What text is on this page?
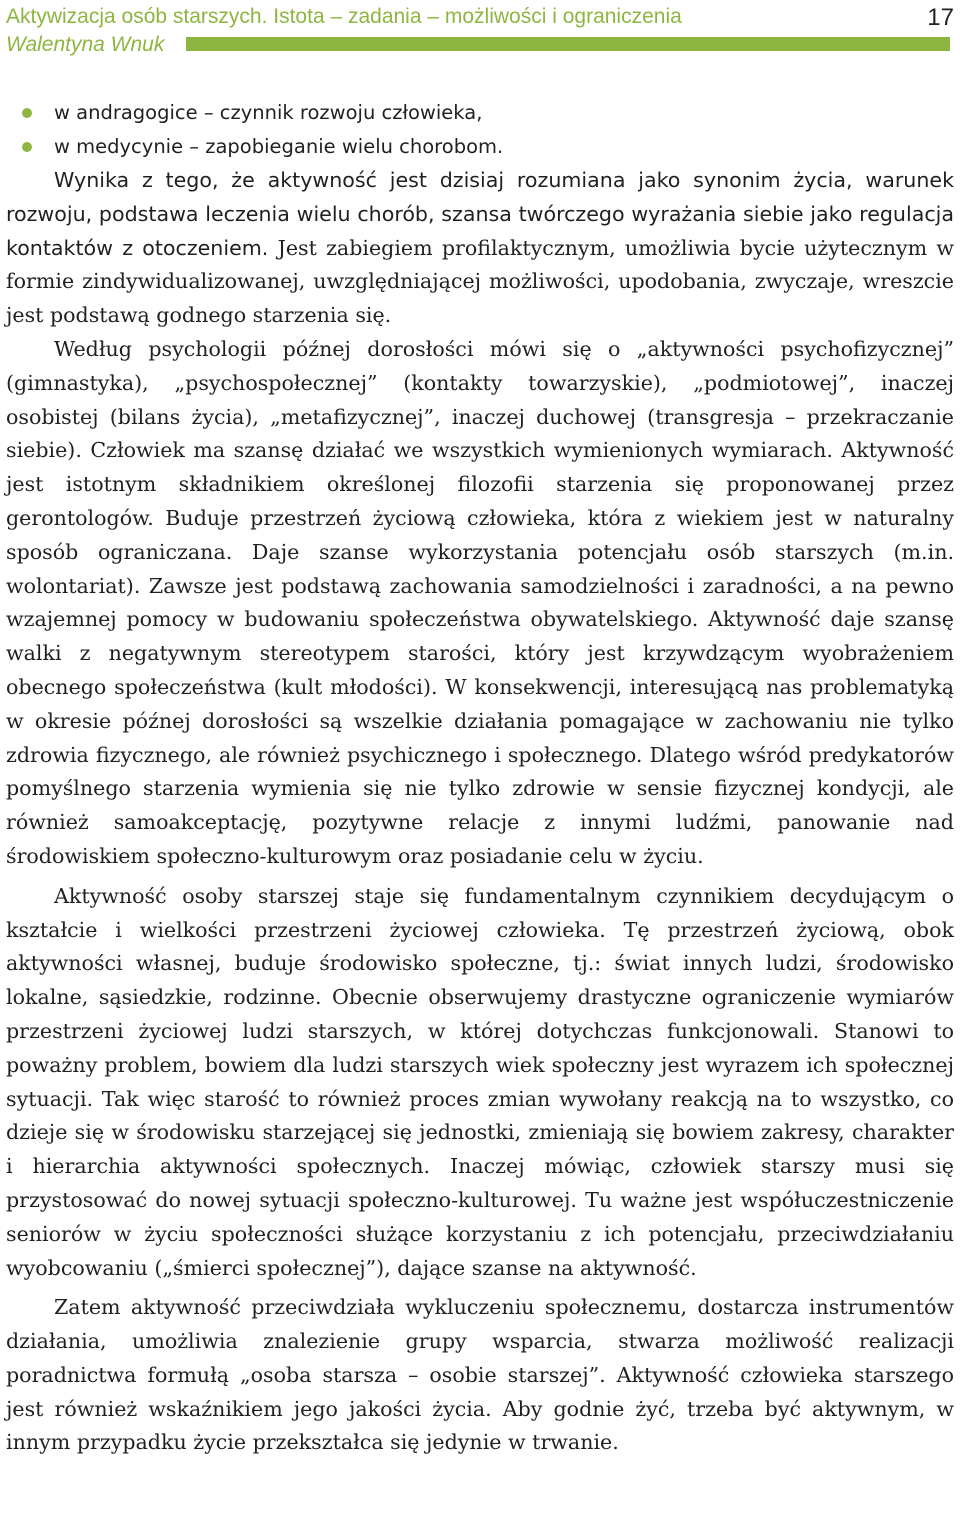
Aktywizacja osób starszych. Istota – zadania – możliwości i ograniczenia
Walentyna Wnuk
17
w andragogice – czynnik rozwoju człowieka,
w medycynie – zapobieganie wielu chorobom.

Wynika z tego, że aktywność jest dzisiaj rozumiana jako synonim życia, warunek rozwoju, podstawa leczenia wielu chorób, szansa twórczego wyrażania siebie jako regulacja kontaktów z otoczeniem. Jest zabiegiem profilaktycznym, umożliwia bycie użytecznym w formie zindywidualizowanej, uwzględniającej możliwości, upodobania, zwyczaje, wreszcie jest podstawą godnego starzenia się.

Według psychologii późnej dorosłości mówi się o „aktywności psychofizycznej” (gimnastyka), „psychospołecznej” (kontakty towarzyskie), „podmiotowej”, inaczej osobistej (bilans życia), „metafizycznej”, inaczej duchowej (transgresja – przekraczanie siebie). Człowiek ma szansę działać we wszystkich wymienionych wymiarach. Aktywność jest istotnym składnikiem określonej filozofii starzenia się proponowanej przez gerontologów. Buduje przestrzeń życiową człowieka, która z wiekiem jest w naturalny sposób ograniczana. Daje szanse wykorzystania potencjału osób starszych (m.in. wolontariat). Zawsze jest podstawą zachowania samodzielności i zaradności, a na pewno wzajemnej pomocy w budowaniu społeczeństwa obywatelskiego. Aktywność daje szansę walki z negatywnym stereotypem starości, który jest krzywdzącym wyobrażeniem obecnego społeczeństwa (kult młodości). W konsekwencji, interesującą nas problematyką w okresie późnej dorosłości są wszelkie działania pomagające w zachowaniu nie tylko zdrowia fizycznego, ale również psychicznego i społecznego. Dlatego wśród predykatorów pomyślnego starzenia wymienia się nie tylko zdrowie w sensie fizycznej kondycji, ale również samoakceptację, pozytywne relacje z innymi ludźmi, panowanie nad środowiskiem społeczno-kulturowym oraz posiadanie celu w życiu.

Aktywność osoby starszej staje się fundamentalnym czynnikiem decydującym o kształcie i wielkości przestrzeni życiowej człowieka. Tę przestrzeń życiową, obok aktywności własnej, buduje środowisko społeczne, tj.: świat innych ludzi, środowisko lokalne, sąsiedzkie, rodzinne. Obecnie obserwujemy drastyczne ograniczenie wymiarów przestrzeni życiowej ludzi starszych, w której dotychczas funkcjonowali. Stanowi to poważny problem, bowiem dla ludzi starszych wiek społeczny jest wyrazem ich społecznej sytuacji. Tak więc starość to również proces zmian wywołany reakcją na to wszystko, co dzieje się w środowisku starzejącej się jednostki, zmieniają się bowiem zakresy, charakter i hierarchia aktywności społecznych. Inaczej mówiąc, człowiek starszy musi się przystosować do nowej sytuacji społeczno-kulturowej. Tu ważne jest współuczestniczenie seniorów w życiu społeczności służące korzystaniu z ich potencjału, przeciwdziałaniu wyobcowaniu („śmierci społecznej”), dające szanse na aktywność.

Zatem aktywność przeciwdziała wykluczeniu społecznemu, dostarcza instrumentów działania, umożliwia znalezienie grupy wsparcia, stwarza możliwość realizacji poradnictwa formułą „osoba starsza – osobie starszej”. Aktywność człowieka starszego jest również wskaźnikiem jego jakości życia. Aby godnie żyć, trzeba być aktywnym, w innym przypadku życie przekształca się jedynie w trwanie.
